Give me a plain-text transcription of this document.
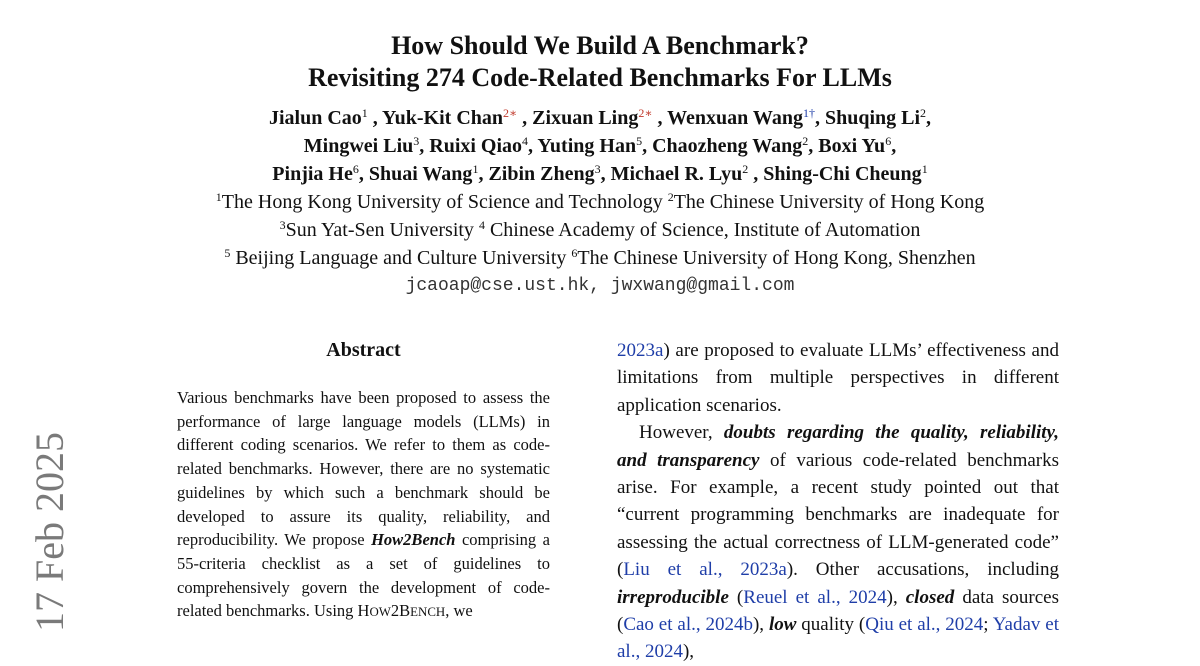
17 Feb 2025
How Should We Build A Benchmark?
Revisiting 274 Code-Related Benchmarks For LLMs
Jialun Cao$^1$ , Yuk-Kit Chan$^{2∗}$ , Zixuan Ling$^{2∗}$ , Wenxuan Wang$^{1\dagger}$, Shuqing Li$^2$,
Mingwei Liu$^3$, Ruixi Qiao$^4$, Yuting Han$^5$, Chaozheng Wang$^2$, Boxi Yu$^6$,
Pinjia He$^6$, Shuai Wang$^1$, Zibin Zheng$^3$, Michael R. Lyu$^2$ , Shing-Chi Cheung$^1$
$^1$The Hong Kong University of Science and Technology $^2$The Chinese University of Hong Kong
$^3$Sun Yat-Sen University $^4$ Chinese Academy of Science, Institute of Automation
$^5$ Beijing Language and Culture University $^6$The Chinese University of Hong Kong, Shenzhen
jcaoap@cse.ust.hk, jwxwang@gmail.com
Abstract

Various benchmarks have been proposed to assess the performance of large language models (LLMs) in different coding scenarios. We refer to them as code-related benchmarks. However, there are no systematic guidelines by which such a benchmark should be developed to assure its quality, reliability, and reproducibility. We propose How2Bench comprising a 55-criteria checklist as a set of guidelines to comprehensively govern the development of code-related benchmarks. Using HOW2BENCH, we

2023a) are proposed to evaluate LLMs’ effectiveness and limitations from multiple perspectives in different application scenarios.

However, doubts regarding the quality, reliability, and transparency of various code-related benchmarks arise. For example, a recent study pointed out that “current programming benchmarks are inadequate for assessing the actual correctness of LLM-generated code” (Liu et al., 2023a). Other accusations, including irreproducible (Reuel et al., 2024), closed data sources (Cao et al., 2024b), low quality (Qiu et al., 2024; Yadav et al., 2024),
